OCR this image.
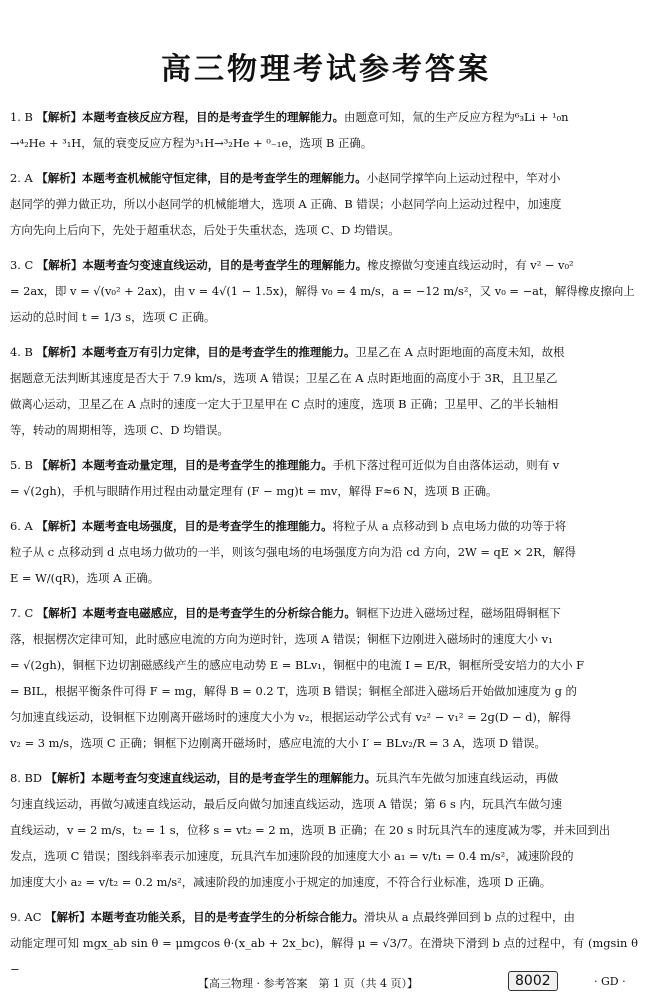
高三物理考试参考答案

1. B 【解析】本题考查核反应方程，目的是考查学生的理解能力。由题意可知，氚的生产反应方程为⁶₃Li + ¹₀n

→⁴₂He + ³₁H，氚的衰变反应方程为³₁H→³₂He + ⁰₋₁e，选项 B 正确。

2. A 【解析】本题考查机械能守恒定律，目的是考查学生的理解能力。小赵同学撑竿向上运动过程中，竿对小

赵同学的弹力做正功，所以小赵同学的机械能增大，选项 A 正确、B 错误；小赵同学向上运动过程中，加速度

方向先向上后向下，先处于超重状态，后处于失重状态，选项 C、D 均错误。

3. C 【解析】本题考查匀变速直线运动，目的是考查学生的理解能力。橡皮擦做匀变速直线运动时，有 v² − v₀²

= 2ax，即 v = √(v₀² + 2ax)，由 v = 4√(1 − 1.5x)，解得 v₀ = 4 m/s，a = −12 m/s²，又 v₀ = −at，解得橡皮擦向上

运动的总时间 t = 1/3 s，选项 C 正确。

4. B 【解析】本题考查万有引力定律，目的是考查学生的推理能力。卫星乙在 A 点时距地面的高度未知，故根

据题意无法判断其速度是否大于 7.9 km/s，选项 A 错误；卫星乙在 A 点时距地面的高度小于 3R，且卫星乙

做离心运动，卫星乙在 A 点时的速度一定大于卫星甲在 C 点时的速度，选项 B 正确；卫星甲、乙的半长轴相

等，转动的周期相等，选项 C、D 均错误。

5. B 【解析】本题考查动量定理，目的是考查学生的推理能力。手机下落过程可近似为自由落体运动，则有 v

= √(2gh)，手机与眼睛作用过程由动量定理有 (F − mg)t = mv，解得 F≈6 N，选项 B 正确。

6. A 【解析】本题考查电场强度，目的是考查学生的推理能力。将粒子从 a 点移动到 b 点电场力做的功等于将

粒子从 c 点移动到 d 点电场力做功的一半，则该匀强电场的电场强度方向为沿 cd 方向，2W = qE × 2R，解得

E = W/(qR)，选项 A 正确。

7. C 【解析】本题考查电磁感应，目的是考查学生的分析综合能力。铜框下边进入磁场过程，磁场阻碍铜框下

落，根据楞次定律可知，此时感应电流的方向为逆时针，选项 A 错误；铜框下边刚进入磁场时的速度大小 v₁

= √(2gh)，铜框下边切割磁感线产生的感应电动势 E = BLv₁，铜框中的电流 I = E/R，铜框所受安培力的大小 F

= BIL，根据平衡条件可得 F = mg，解得 B = 0.2 T，选项 B 错误；铜框全部进入磁场后开始做加速度为 g 的

匀加速直线运动，设铜框下边刚离开磁场时的速度大小为 v₂，根据运动学公式有 v₂² − v₁² = 2g(D − d)，解得

v₂ = 3 m/s，选项 C 正确；铜框下边刚离开磁场时，感应电流的大小 I′ = BLv₂/R = 3 A，选项 D 错误。

8. BD 【解析】本题考查匀变速直线运动，目的是考查学生的理解能力。玩具汽车先做匀加速直线运动，再做

匀速直线运动，再做匀减速直线运动，最后反向做匀加速直线运动，选项 A 错误；第 6 s 内，玩具汽车做匀速

直线运动，v = 2 m/s，t₂ = 1 s，位移 s = vt₂ = 2 m，选项 B 正确；在 20 s 时玩具汽车的速度减为零，并未回到出

发点，选项 C 错误；图线斜率表示加速度，玩具汽车加速阶段的加速度大小 a₁ = v/t₁ = 0.4 m/s²，减速阶段的

加速度大小 a₂ = v/t₂ = 0.2 m/s²，减速阶段的加速度小于规定的加速度，不符合行业标准，选项 D 正确。

9. AC 【解析】本题考查功能关系，目的是考查学生的分析综合能力。滑块从 a 点最终弹回到 b 点的过程中，由

动能定理可知 mgx_ab sin θ = μmgcos θ·(x_ab + 2x_bc)，解得 μ = √3/7。在滑块下滑到 b 点的过程中，有 (mgsin θ −

【高三物理 · 参考答案　第 1 页（共 4 页）】	8002	· GD ·
